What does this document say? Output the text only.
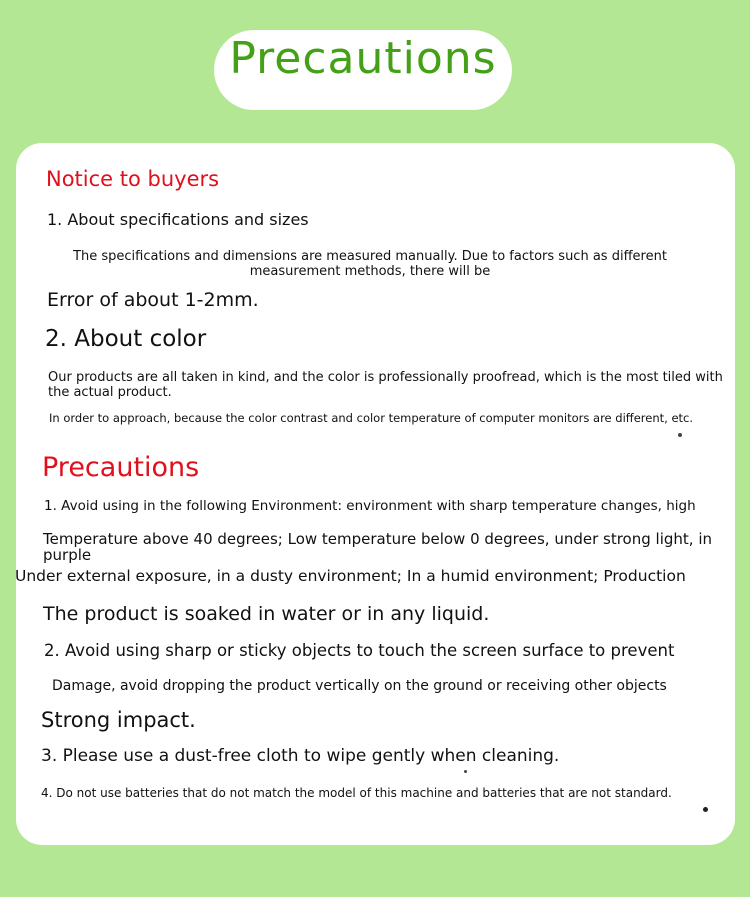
Precautions

Notice to buyers

1. About specifications and sizes

The specifications and dimensions are measured manually. Due to factors such as different measurement methods, there will be

Error of about 1-2mm.

2. About color

Our products are all taken in kind, and the color is professionally proofread, which is the most tiled with the actual product.

In order to approach, because the color contrast and color temperature of computer monitors are different, etc.

Precautions

1. Avoid using in the following Environment: environment with sharp temperature changes, high

Temperature above 40 degrees; Low temperature below 0 degrees, under strong light, in purple

Under external exposure, in a dusty environment; In a humid environment; Production

The product is soaked in water or in any liquid.

2. Avoid using sharp or sticky objects to touch the screen surface to prevent

Damage, avoid dropping the product vertically on the ground or receiving other objects

Strong impact.

3. Please use a dust-free cloth to wipe gently when cleaning.

4. Do not use batteries that do not match the model of this machine and batteries that are not standard.
